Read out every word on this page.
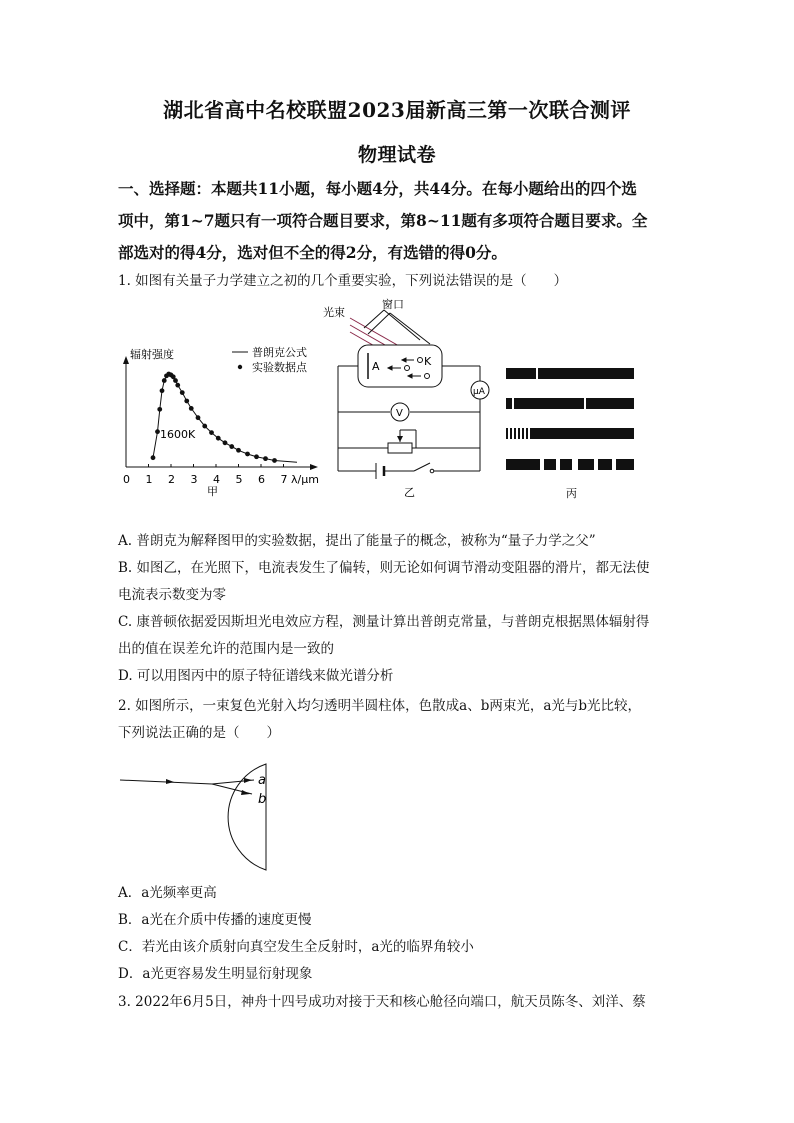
湖北省高中名校联盟2023届新高三第一次联合测评
物理试卷
一、选择题：本题共11小题，每小题4分，共44分。在每小题给出的四个选
项中，第1~7题只有一项符合题目要求，第8~11题有多项符合题目要求。全
部选对的得4分，选对但不全的得2分，有选错的得0分。
1. 如图有关量子力学建立之初的几个重要实验，下列说法错误的是（　　）
辐射强度	普朗克公式
实验数据点
1600K
0 1 2 3 4 5 6 7 λ/μm
甲
光束
窗口
A	K
μA
V
乙	丙
A. 普朗克为解释图甲的实验数据，提出了能量子的概念，被称为“量子力学之父”
B. 如图乙，在光照下，电流表发生了偏转，则无论如何调节滑动变阻器的滑片，都无法使
电流表示数变为零
C. 康普顿依据爱因斯坦光电效应方程，测量计算出普朗克常量，与普朗克根据黑体辐射得
出的值在误差允许的范围内是一致的
D. 可以用图丙中的原子特征谱线来做光谱分析
2. 如图所示，一束复色光射入均匀透明半圆柱体，色散成a、b两束光，a光与b光比较，
下列说法正确的是（　　）
a
b
A．a光频率更高
B．a光在介质中传播的速度更慢
C．若光由该介质射向真空发生全反射时，a光的临界角较小
D．a光更容易发生明显衍射现象
3. 2022年6月5日，神舟十四号成功对接于天和核心舱径向端口，航天员陈冬、刘洋、蔡
